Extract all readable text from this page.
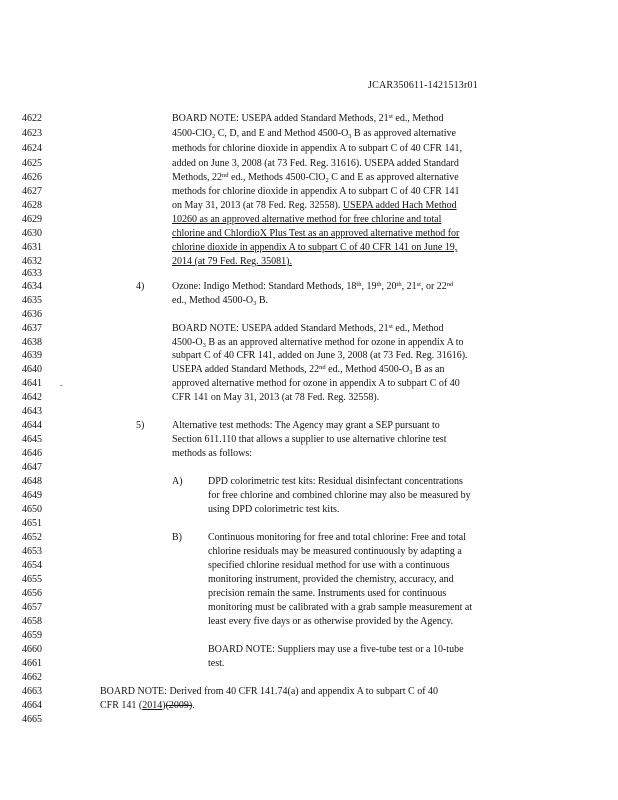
JCAR350611-1421513r01
4622
4623
4624
4625
4626
4627
4628
4629
4630
4631
4632
4633
4634
4635
4636
4637
4638
4639
4640
4641
4642
4643
4644
4645
4646
4647
4648
4649
4650
4651
4652
4653
4654
4655
4656
4657
4658
4659
4660
4661
4662
4663
4664
4665
BOARD NOTE: USEPA added Standard Methods, 21st ed., Method
4500-ClO$_2$ C, D, and E and Method $4500-O_3$ B as approved alternative
methods for chlorine dioxide in appendix A to subpart C of 40 CFR 141,
added on June 3, 2008 (at 73 Fed. Reg. 31616). USEPA added Standard
Methods, 22nd ed., Methods 4500-ClO$_2$ C and E as approved alternative
methods for chlorine dioxide in appendix A to subpart C of 40 CFR 141
on May 31, 2013 (at 78 Fed. Reg. 32558). USEPA added Hach Method
10260 as an approved alternative method for free chlorine and total
chlorine and ChlordioX Plus Test as an approved alternative method for
chlorine dioxide in appendix A to subpart C of 40 CFR 141 on June 19,
2014 (at 79 Fed. Reg. 35081).
4)	Ozone: Indigo Method: Standard Methods, 18th, 19th, 20th, 21st, or 22nd
ed., Method $4500-O_3$ B.
BOARD NOTE: USEPA added Standard Methods, 21st ed., Method
$4500-O_3$ B as an approved alternative method for ozone in appendix A to
subpart C of 40 CFR 141, added on June 3, 2008 (at 73 Fed. Reg. 31616).
USEPA added Standard Methods, 22nd ed., Method $4500-O_3$ B as an
approved alternative method for ozone in appendix A to subpart C of 40
CFR 141 on May 31, 2013 (at 78 Fed. Reg. 32558).
.
5)	Alternative test methods: The Agency may grant a SEP pursuant to
Section 611.110 that allows a supplier to use alternative chlorine test
methods as follows:
A)	DPD colorimetric test kits: Residual disinfectant concentrations
for free chlorine and combined chlorine may also be measured by
using DPD colorimetric test kits.
B)	Continuous monitoring for free and total chlorine: Free and total
chlorine residuals may be measured continuously by adapting a
specified chlorine residual method for use with a continuous
monitoring instrument, provided the chemistry, accuracy, and
precision remain the same. Instruments used for continuous
monitoring must be calibrated with a grab sample measurement at
least every five days or as otherwise provided by the Agency.
BOARD NOTE: Suppliers may use a five-tube test or a 10-tube
test.
BOARD NOTE: Derived from 40 CFR 141.74(a) and appendix A to subpart C of 40
CFR 141 (2014)(2009).
